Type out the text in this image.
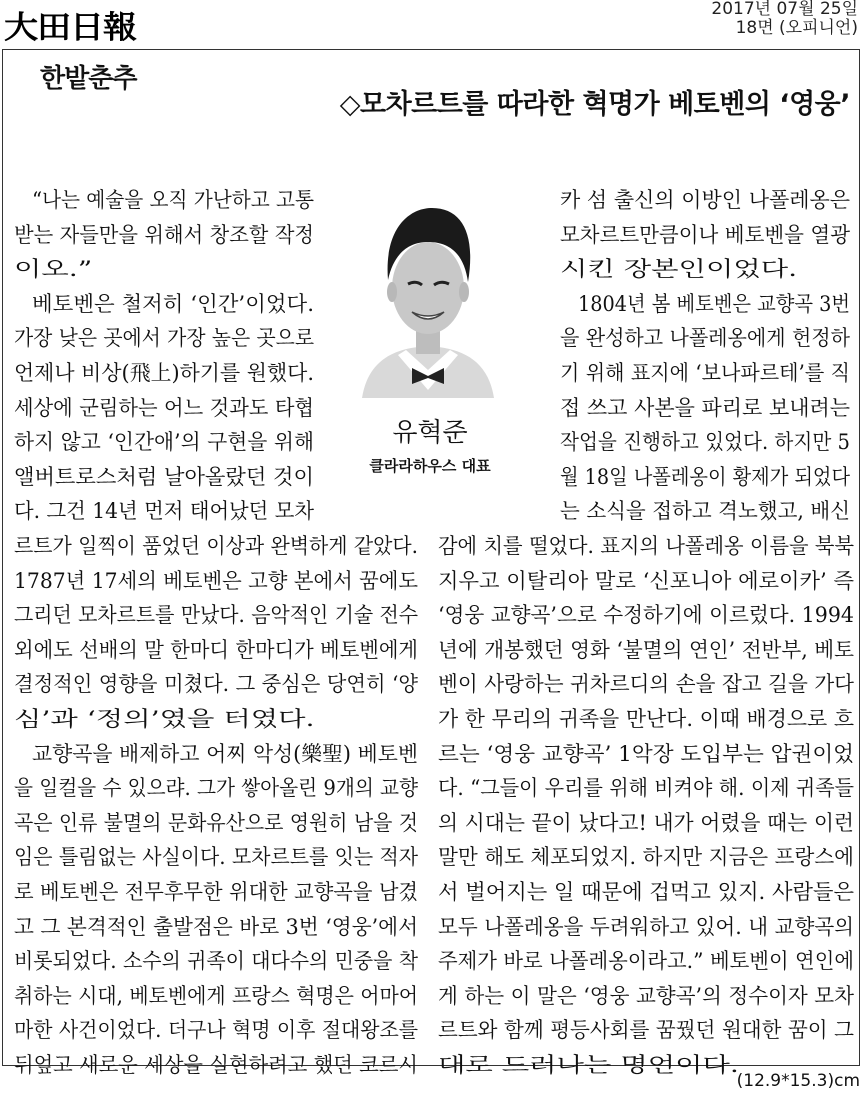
大田日報
2017년 07월 25일
18면 (오피니언)
한밭춘추
◇모차르트를 따라한 혁명가 베토벤의 ‘영웅’
“나는 예술을 오직 가난하고 고통
받는 자들만을 위해서 창조할 작정
이오.”
베토벤은 철저히 ‘인간’이었다.
가장 낮은 곳에서 가장 높은 곳으로
언제나 비상(飛上)하기를 원했다.
세상에 군림하는 어느 것과도 타협
하지 않고 ‘인간애’의 구현을 위해
앨버트로스처럼 날아올랐던 것이
다. 그건 14년 먼저 태어났던 모차
카 섬 출신의 이방인 나폴레옹은
모차르트만큼이나 베토벤을 열광
시킨 장본인이었다.
1804년 봄 베토벤은 교향곡 3번
을 완성하고 나폴레옹에게 헌정하
기 위해 표지에 ‘보나파르테’를 직
접 쓰고 사본을 파리로 보내려는
작업을 진행하고 있었다. 하지만 5
월 18일 나폴레옹이 황제가 되었다
는 소식을 접하고 격노했고, 배신
르트가 일찍이 품었던 이상과 완벽하게 같았다.
1787년 17세의 베토벤은 고향 본에서 꿈에도
그리던 모차르트를 만났다. 음악적인 기술 전수
외에도 선배의 말 한마디 한마디가 베토벤에게
결정적인 영향을 미쳤다. 그 중심은 당연히 ‘양
심’과 ‘정의’였을 터였다.
교향곡을 배제하고 어찌 악성(樂聖) 베토벤
을 일컬을 수 있으랴. 그가 쌓아올린 9개의 교향
곡은 인류 불멸의 문화유산으로 영원히 남을 것
임은 틀림없는 사실이다. 모차르트를 잇는 적자
로 베토벤은 전무후무한 위대한 교향곡을 남겼
고 그 본격적인 출발점은 바로 3번 ‘영웅’에서
비롯되었다. 소수의 귀족이 대다수의 민중을 착
취하는 시대, 베토벤에게 프랑스 혁명은 어마어
마한 사건이었다. 더구나 혁명 이후 절대왕조를
뒤엎고 새로운 세상을 실현하려고 했던 코르시
감에 치를 떨었다. 표지의 나폴레옹 이름을 북북
지우고 이탈리아 말로 ‘신포니아 에로이카’ 즉
‘영웅 교향곡’으로 수정하기에 이르렀다. 1994
년에 개봉했던 영화 ‘불멸의 연인’ 전반부, 베토
벤이 사랑하는 귀차르디의 손을 잡고 길을 가다
가 한 무리의 귀족을 만난다. 이때 배경으로 흐
르는 ‘영웅 교향곡’ 1악장 도입부는 압권이었
다. “그들이 우리를 위해 비켜야 해. 이제 귀족들
의 시대는 끝이 났다고! 내가 어렸을 때는 이런
말만 해도 체포되었지. 하지만 지금은 프랑스에
서 벌어지는 일 때문에 겁먹고 있지. 사람들은
모두 나폴레옹을 두려워하고 있어. 내 교향곡의
주제가 바로 나폴레옹이라고.” 베토벤이 연인에
게 하는 이 말은 ‘영웅 교향곡’의 정수이자 모차
르트와 함께 평등사회를 꿈꿨던 원대한 꿈이 그
대로 드러나는 명언이다.
유혁준
클라라하우스 대표
(12.9*15.3)cm
